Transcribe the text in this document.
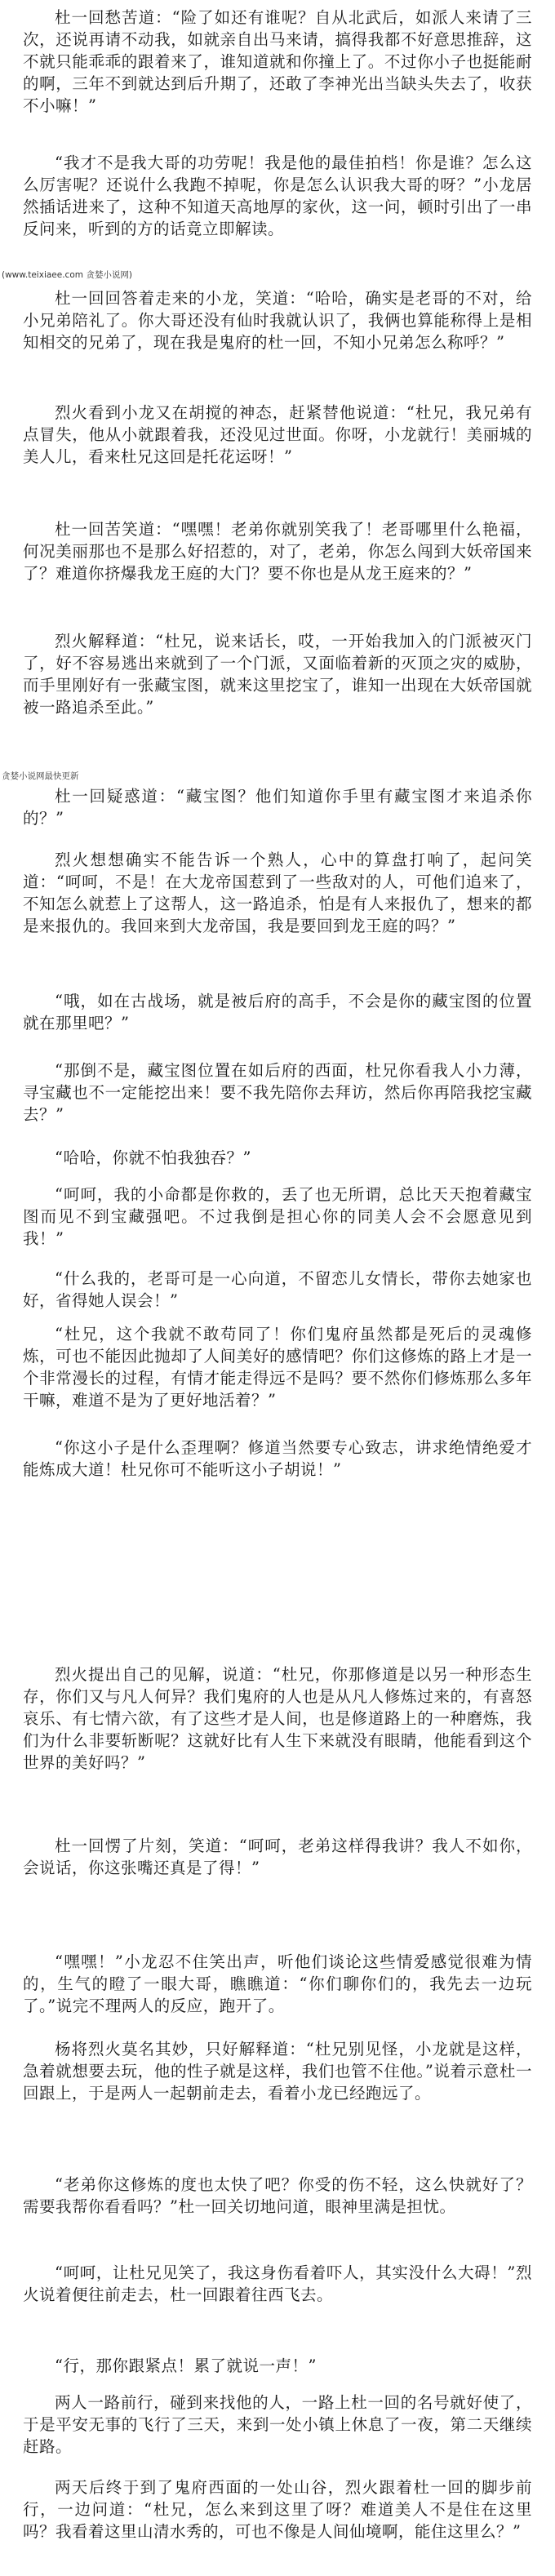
杜一回愁苦道：“险了如还有谁呢？自从北武后，如派人来请了三次，还说再请不动我，如就亲自出马来请，搞得我都不好意思推辞，这不就只能乖乖的跟着来了，谁知道就和你撞上了。不过你小子也挺能耐的啊，三年不到就达到后升期了，还敢了李神光出当缺头失去了，收获不小嘛！”

“我才不是我大哥的功劳呢！我是他的最佳拍档！你是谁？怎么这么厉害呢？还说什么我跑不掉呢，你是怎么认识我大哥的呀？”小龙居然插话进来了，这种不知道天高地厚的家伙，这一问，顿时引出了一串反问来，听到的方的话竟立即解读。

(www.teixiaee.com 贪婪小说网)

杜一回回答着走来的小龙，笑道：“哈哈，确实是老哥的不对，给小兄弟陪礼了。你大哥还没有仙时我就认识了，我俩也算能称得上是相知相交的兄弟了，现在我是鬼府的杜一回，不知小兄弟怎么称呼？”

烈火看到小龙又在胡搅的神态，赶紧替他说道：“杜兄，我兄弟有点冒失，他从小就跟着我，还没见过世面。你呀，小龙就行！美丽城的美人儿，看来杜兄这回是托花运呀！”

杜一回苦笑道：“嘿嘿！老弟你就别笑我了！老哥哪里什么艳福，何况美丽那也不是那么好招惹的，对了，老弟，你怎么闯到大妖帝国来了？难道你挤爆我龙王庭的大门？要不你也是从龙王庭来的？”

烈火解释道：“杜兄，说来话长，哎，一开始我加入的门派被灭门了，好不容易逃出来就到了一个门派，又面临着新的灭顶之灾的威胁，而手里刚好有一张藏宝图，就来这里挖宝了，谁知一出现在大妖帝国就被一路追杀至此。”

贪婪小说网最快更新

杜一回疑惑道：“藏宝图？他们知道你手里有藏宝图才来追杀你的？”

烈火想想确实不能告诉一个熟人，心中的算盘打响了，起问笑道：“呵呵，不是！在大龙帝国惹到了一些敌对的人，可他们追来了，不知怎么就惹上了这帮人，这一路追杀，怕是有人来报仇了，想来的都是来报仇的。我回来到大龙帝国，我是要回到龙王庭的吗？”

“哦，如在古战场，就是被后府的高手，不会是你的藏宝图的位置就在那里吧？”

“那倒不是，藏宝图位置在如后府的西面，杜兄你看我人小力薄，寻宝藏也不一定能挖出来！要不我先陪你去拜访，然后你再陪我挖宝藏去？”

“哈哈，你就不怕我独吞？”

“呵呵，我的小命都是你救的，丢了也无所谓，总比天天抱着藏宝图而见不到宝藏强吧。不过我倒是担心你的同美人会不会愿意见到我！”

“什么我的，老哥可是一心向道，不留恋儿女情长，带你去她家也好，省得她人误会！”

“杜兄，这个我就不敢苟同了！你们鬼府虽然都是死后的灵魂修炼，可也不能因此抛却了人间美好的感情吧？你们这修炼的路上才是一个非常漫长的过程，有情才能走得远不是吗？要不然你们修炼那么多年干嘛，难道不是为了更好地活着？”

“你这小子是什么歪理啊？修道当然要专心致志，讲求绝情绝爱才能炼成大道！杜兄你可不能听这小子胡说！”

烈火提出自己的见解，说道：“杜兄，你那修道是以另一种形态生存，你们又与凡人何异？我们鬼府的人也是从凡人修炼过来的，有喜怒哀乐、有七情六欲，有了这些才是人间，也是修道路上的一种磨炼，我们为什么非要斩断呢？这就好比有人生下来就没有眼睛，他能看到这个世界的美好吗？”

杜一回愣了片刻，笑道：“呵呵，老弟这样得我讲？我人不如你，会说话，你这张嘴还真是了得！”

“嘿嘿！”小龙忍不住笑出声，听他们谈论这些情爱感觉很难为情的，生气的瞪了一眼大哥，瞧瞧道：“你们聊你们的，我先去一边玩了。”说完不理两人的反应，跑开了。

杨将烈火莫名其妙，只好解释道：“杜兄别见怪，小龙就是这样，急着就想要去玩，他的性子就是这样，我们也管不住他。”说着示意杜一回跟上，于是两人一起朝前走去，看着小龙已经跑远了。

“老弟你这修炼的度也太快了吧？你受的伤不轻，这么快就好了？需要我帮你看看吗？”杜一回关切地问道，眼神里满是担忧。

“呵呵，让杜兄见笑了，我这身伤看着吓人，其实没什么大碍！”烈火说着便往前走去，杜一回跟着往西飞去。

“行，那你跟紧点！累了就说一声！”

两人一路前行，碰到来找他的人，一路上杜一回的名号就好使了，于是平安无事的飞行了三天，来到一处小镇上休息了一夜，第二天继续赶路。

两天后终于到了鬼府西面的一处山谷，烈火跟着杜一回的脚步前行，一边问道：“杜兄，怎么来到这里了呀？难道美人不是住在这里吗？我看着这里山清水秀的，可也不像是人间仙境啊，能住这里么？”
